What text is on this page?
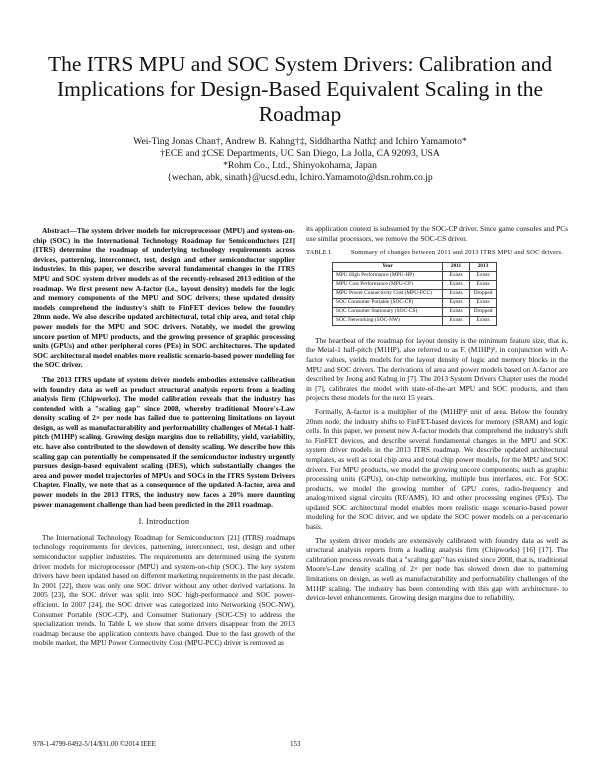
The ITRS MPU and SOC System Drivers: Calibration and Implications for Design-Based Equivalent Scaling in the Roadmap
Wei-Ting Jonas Chan†, Andrew B. Kahng†‡, Siddhartha Nath‡ and Ichiro Yamamoto*
†ECE and ‡CSE Departments, UC San Diego, La Jolla, CA 92093, USA
*Rohm Co., Ltd., Shinyokohama, Japan
{wechan, abk, sinath}@ucsd.edu, Ichiro.Yamamoto@dsn.rohm.co.jp

Abstract—The system driver models for microprocessor (MPU) and system-on-chip (SOC) in the International Technology Roadmap for Semiconductors [21] (ITRS) determine the roadmap of underlying technology requirements across devices, patterning, interconnect, test, design and other semiconductor supplier industries. In this paper, we describe several fundamental changes in the ITRS MPU and SOC system driver models as of the recently-released 2013 edition of the roadmap. We first present new A-factor (i.e., layout density) models for the logic and memory components of the MPU and SOC drivers; these updated density models comprehend the industry's shift to FinFET devices below the foundry 20nm node. We also describe updated architectural, total chip area, and total chip power models for the MPU and SOC drivers. Notably, we model the growing uncore portion of MPU products, and the growing presence of graphic processing units (GPUs) and other peripheral cores (PEs) in SOC architectures. The updated SOC architectural model enables more realistic scenario-based power modeling for the SOC driver.

The 2013 ITRS update of system driver models embodies extensive calibration with foundry data as well as product structural analysis reports from a leading analysis firm (Chipworks). The model calibration reveals that the industry has contended with a "scaling gap" since 2008, whereby traditional Moore's-Law density scaling of 2× per node has failed due to patterning limitations on layout design, as well as manufacturability and performability challenges of Metal-1 half-pitch (M1HP) scaling. Growing design margins due to reliability, yield, variability, etc. have also contributed to the slowdown of density scaling. We describe how this scaling gap can potentially be compensated if the semiconductor industry urgently pursues design-based equivalent scaling (DES), which substantially changes the area and power model trajectories of MPUs and SOCs in the ITRS System Drivers Chapter. Finally, we note that as a consequence of the updated A-factor, area and power models in the 2013 ITRS, the industry now faces a 20% more daunting power management challenge than had been predicted in the 2011 roadmap.

I. Introduction

The International Technology Roadmap for Semiconductors [21] (ITRS) roadmaps technology requirements for devices, patterning, interconnect, test, design and other semiconductor supplier industries. The requirements are determined using the system driver models for microprocessor (MPU) and system-on-chip (SOC). The key system drivers have been updated based on different marketing requirements in the past decade. In 2001 [22], there was only one SOC driver without any other derived variations. In 2005 [23], the SOC driver was split into SOC high-performance and SOC power-efficient. In 2007 [24], the SOC driver was categorized into Networking (SOC-NW), Consumer Portable (SOC-CP), and Consumer Stationary (SOC-CS) to address the specialization trends. In Table I, we show that some drivers disappear from the 2013 roadmap because the application contexts have changed. Due to the fast growth of the mobile market, the MPU Power Connectivity Cost (MPU-PCC) driver is removed as

its application context is subsumed by the SOC-CP driver. Since game consoles and PCs use similar processors, we remove the SOC-CS driver.

TABLE I.	Summary of changes between 2011 and 2013 ITRS MPU and SOC drivers.
Year	2011	2013
MPU High Performance (MPU-HP)	Exists	Exists
MPU Cost Performance (MPU-CP)	Exists	Exists
MPU Power Connectivity Cost (MPU-PCC)	Exists	Dropped
SOC Consumer Portable (SOC-CP)	Exists	Exists
SOC Consumer Stationary (SOC-CS)	Exists	Dropped
SOC Networking (SOC-NW)	Exists	Exists

The heartbeat of the roadmap for layout density is the minimum feature size, that is, the Metal-1 half-pitch (M1HP), also referred to as F. (M1HP)², in conjunction with A-factor values, yields models for the layout density of logic and memory blocks in the MPU and SOC drivers. The derivations of area and power models based on A-factor are described by Jeong and Kahng in [7]. The 2013 System Drivers Chapter uses the model in [7], calibrates the model with state-of-the-art MPU and SOC products, and then projects these models for the next 15 years.

Formally, A-factor is a multiplier of the (M1HP)² unit of area. Below the foundry 20nm node, the industry shifts to FinFET-based devices for memory (SRAM) and logic cells. In this paper, we present new A-factor models that comprehend the industry's shift to FinFET devices, and describe several fundamental changes in the MPU and SOC system driver models in the 2013 ITRS roadmap. We describe updated architectural templates, as well as total chip area and total chip power models, for the MPU and SOC drivers. For MPU products, we model the growing uncore components, such as graphic processing units (GPUs), on-chip networking, multiple bus interfaces, etc. For SOC products, we model the growing number of GPU cores, radio-frequency and analog/mixed signal circuits (RF/AMS), IO and other processing engines (PEs). The updated SOC architectural model enables more realistic usage scenario-based power modeling for the SOC driver, and we update the SOC power models on a per-scenario basis.

The system driver models are extensively calibrated with foundry data as well as structural analysis reports from a leading analysis firm (Chipworks) [16] [17]. The calibration process reveals that a "scaling gap" has existed since 2008, that is, traditional Moore's-Law density scaling of 2× per node has slowed down due to patterning limitations on design, as well as manufacturability and performability challenges of the M1HP scaling. The industry has been contending with this gap with architecture- to device-level enhancements. Growing design margins due to reliability,

978-1-4799-6492-5/14/$31.00 ©2014 IEEE	153
